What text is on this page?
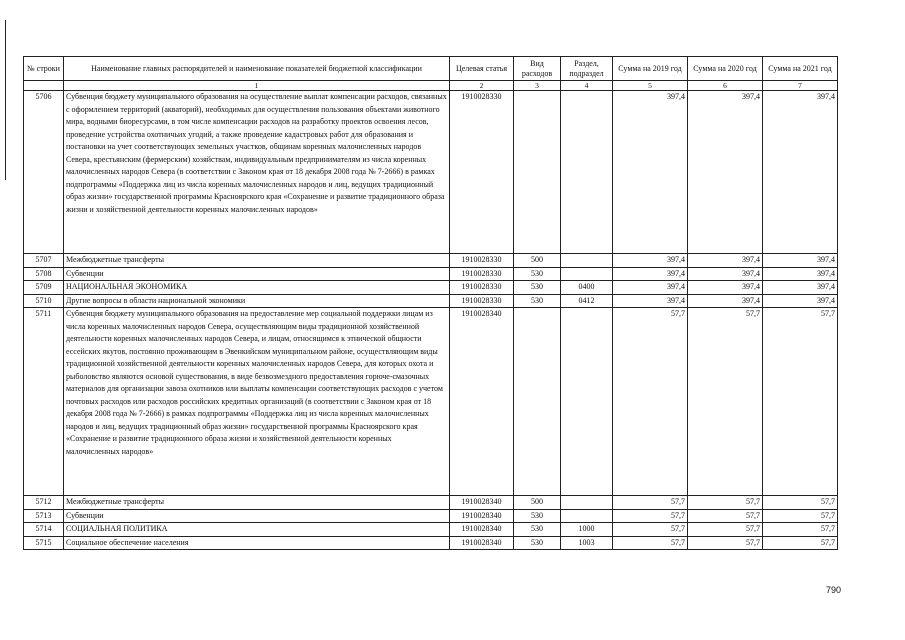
№ строки	Наименование главных распорядителей и наименование показателей бюджетной классификации	Целевая статья	Вид расходов	Раздел, подраздел	Сумма на 2019 год	Сумма на 2020 год	Сумма на 2021 год
	1	2	3	4	5	6	7
5706	Субвенция бюджету муниципального образования на осуществление выплат компенсации расходов, связанных с оформлением территорий (акваторий), необходимых для осуществления пользования объектами животного мира, водными биоресурсами, в том числе компенсации расходов на разработку проектов освоения лесов, проведение устройства охотничьих угодий, а также проведение кадастровых работ для образования и постановки на учет соответствующих земельных участков, общинам коренных малочисленных народов Севера, крестьянским (фермерским) хозяйствам, индивидуальным предпринимателям из числа коренных малочисленных народов Севера (в соответствии с Законом края от 18 декабря 2008 года № 7-2666) в рамках подпрограммы «Поддержка лиц из числа коренных малочисленных народов и лиц, ведущих традиционный образ жизни» государственной программы Красноярского края «Сохранение и развитие традиционного образа жизни и хозяйственной деятельности коренных малочисленных народов»	1910028330			397,4	397,4	397,4
5707	Межбюджетные трансферты	1910028330	500		397,4	397,4	397,4
5708	Субвенции	1910028330	530		397,4	397,4	397,4
5709	НАЦИОНАЛЬНАЯ ЭКОНОМИКА	1910028330	530	0400	397,4	397,4	397,4
5710	Другие вопросы в области национальной экономики	1910028330	530	0412	397,4	397,4	397,4
5711	Субвенция бюджету муниципального образования на предоставление мер социальной поддержки лицам из числа коренных малочисленных народов Севера, осуществляющим виды традиционной хозяйственной деятельности коренных малочисленных народов Севера, и лицам, относящимся к этнической общности ессейских якутов, постоянно проживающим в Эвенкийском муниципальном районе, осуществляющим виды традиционной хозяйственной деятельности коренных малочисленных народов Севера, для которых охота и рыболовство являются основой существования, в виде безвозмездного предоставления горюче-смазочных материалов для организации завоза охотников или выплаты компенсации соответствующих расходов с учетом почтовых расходов или расходов российских кредитных организаций (в соответствии с Законом края от 18 декабря 2008 года № 7-2666) в рамках подпрограммы «Поддержка лиц из числа коренных малочисленных народов и лиц, ведущих традиционный образ жизни» государственной программы Красноярского края «Сохранение и развитие традиционного образа жизни и хозяйственной деятельности коренных малочисленных народов»	1910028340			57,7	57,7	57,7
5712	Межбюджетные трансферты	1910028340	500		57,7	57,7	57,7
5713	Субвенции	1910028340	530		57,7	57,7	57,7
5714	СОЦИАЛЬНАЯ ПОЛИТИКА	1910028340	530	1000	57,7	57,7	57,7
5715	Социальное обеспечение населения	1910028340	530	1003	57,7	57,7	57,7
790
